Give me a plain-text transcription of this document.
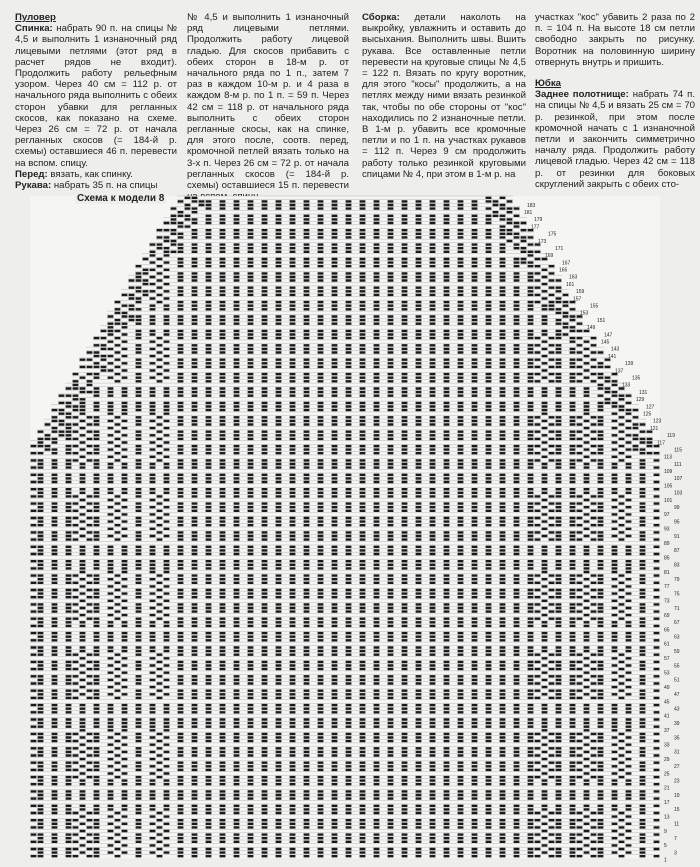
Пуловер

Спинка: набрать 90 п. на спицы № 4,5 и выполнить 1 изнаночный ряд лицевыми петлями (этот ряд в расчет рядов не входит). Продолжить работу рельефным узором. Через 40 см = 112 р. от начального ряда выполнить с обеих сторон убавки для регланных скосов, как показано на схеме. Через 26 см = 72 р. от начала регланных скосов (= 184-й р. схемы) оставшиеся 46 п. перевести на вспом. спицу.

Перед: вязать, как спинку.

Рукава: набрать 35 п. на спицы

№ 4,5 и выполнить 1 изнаночный ряд лицевыми петлями. Продолжить работу лицевой гладью. Для скосов прибавить с обеих сторон в 18-м р. от начального ряда по 1 п., затем 7 раз в каждом 10-м р. и 4 раза в каждом 8-м р. по 1 п. = 59 п. Через 42 см = 118 р. от начального ряда выполнить с обеих сторон регланные скосы, как на спинке, для этого после, соотв. перед, кромочной петлей вязать только на 3-х п. Через 26 см = 72 р. от начала регланных скосов (= 184-й р. схемы) оставшиеся 15 п. перевести

Сборка: детали наколоть на выкройку, увлажнить и оставить до высыхания. Выполнить швы. Вшить рукава. Все оставленные петли перевести на круговые спицы № 4,5 = 122 п. Вязать по кругу воротник, для этого "косы" продолжить, а на петлях между ними вязать резинкой так, чтобы по обе стороны от "кос" находились по 2 изнаночные петли. В 1-м р. убавить все кромочные петли и по 1 п. на участках рукавов = 112 п. Через 9 см продолжить работу только резинкой круговыми спицами № 4, при этом в 1-м р. на

участках "кос" убавить 2 раза по 2 п. = 104 п. На высоте 18 см петли свободно закрыть по рисунку. Воротник на половинную ширину отвернуть внутрь и пришить.

Юбка

Заднее полотнище: набрать 74 п. на спицы № 4,5 и вязать 25 см = 70 р. резинкой, при этом после кромочной начать с 1 изнаночной петли и закончить симметрично началу ряда. Продолжить работу лицевой гладью. Через 42 см = 118 р. от резинки для боковых скруглений закрыть с обеих сто-

1
3
5
7
9
11
13
15
17
19
21
23
25
27
29
31
33
35
37
39
41
43
45
47
49
51
53
55
57
59
61
63
65
67
69
71
73
75
77
79
81
83
85
87
89
91
93
95
97
99
101
103
105
107
109
111
113
115
117
119
121
123
125
127
129
131
133
135
137
139
141
143
145
147
149
151
153
155
157
159
161
163
165
167
169
171
173
175
177
179
181
183
Схема к модели 8
